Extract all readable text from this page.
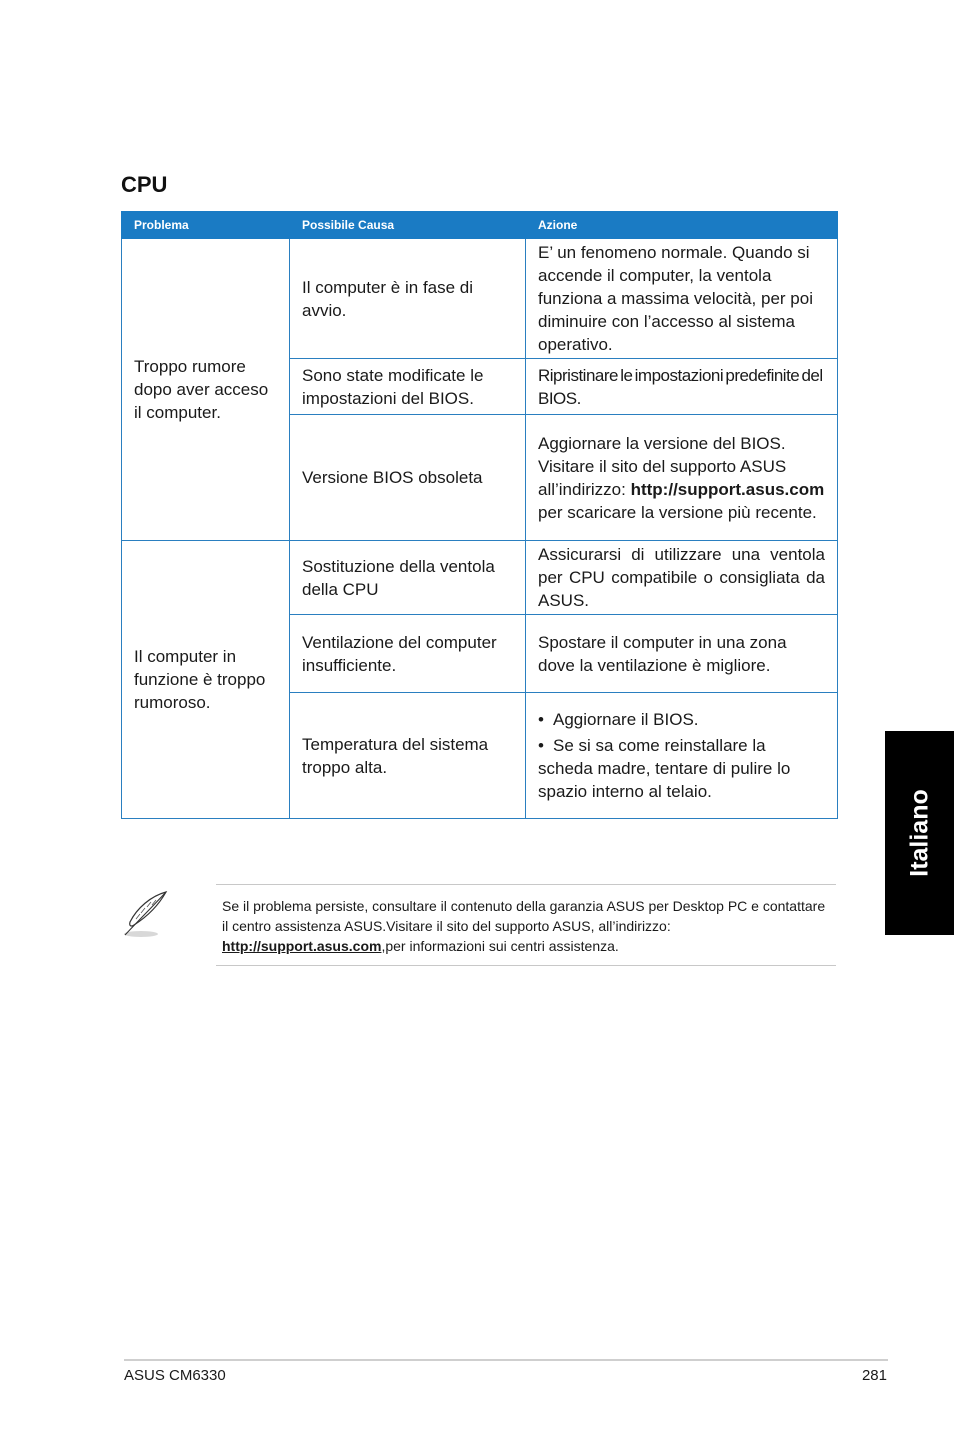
CPU
Problema	Possibile Causa	Azione
Troppo rumore dopo aver acceso il computer.	Il computer è in fase di avvio.	E’ un fenomeno normale. Quando si accende il computer, la ventola funziona a massima velocità, per poi diminuire con l’accesso al sistema operativo.
	Sono state modificate le impostazioni del BIOS.	Ripristinare le impostazioni predefinite del BIOS.
	Versione BIOS obsoleta	Aggiornare la versione del BIOS. Visitare il sito del supporto ASUS all’indirizzo: http://support.asus.com per scaricare la versione più recente.
Il computer in funzione è troppo rumoroso.	Sostituzione della ventola della CPU	Assicurarsi di utilizzare una ventola per CPU compatibile o consigliata da ASUS.
	Ventilazione del computer insufficiente.	Spostare il computer in una zona dove la ventilazione è migliore.
	Temperatura del sistema troppo alta.	• Aggiornare il BIOS.
• Se si sa come reinstallare la scheda madre, tentare di pulire lo spazio interno al telaio.
Se il problema persiste, consultare il contenuto della garanzia ASUS per Desktop PC e contattare il centro assistenza ASUS.Visitare il sito del supporto ASUS, all’indirizzo: http://support.asus.com,per informazioni sui centri assistenza.
Italiano
ASUS CM6330	281
